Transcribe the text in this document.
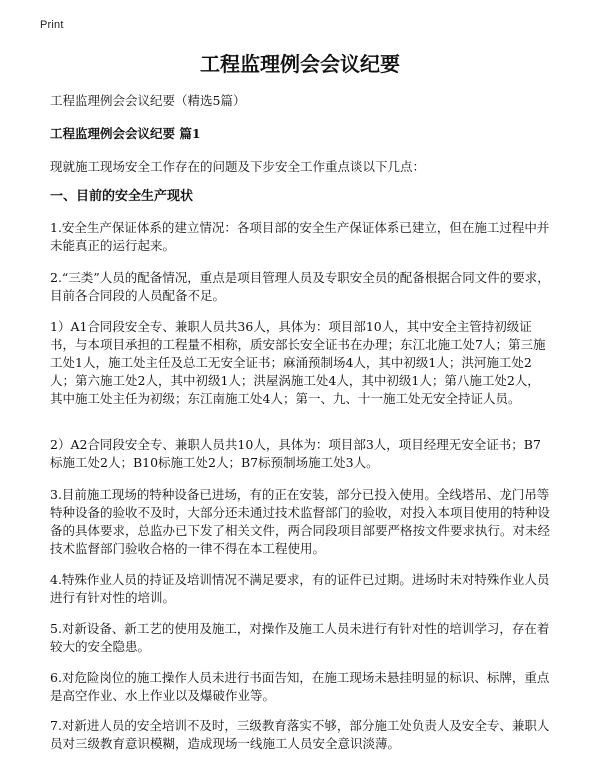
Print
工程监理例会会议纪要

工程监理例会会议纪要（精选5篇）

工程监理例会会议纪要 篇1

现就施工现场安全工作存在的问题及下步安全工作重点谈以下几点：

一、目前的安全生产现状

1.安全生产保证体系的建立情况：各项目部的安全生产保证体系已建立，但在施工过程中并未能真正的运行起来。

2.“三类”人员的配备情况，重点是项目管理人员及专职安全员的配备根据合同文件的要求，目前各合同段的人员配备不足。

1）A1合同段安全专、兼职人员共36人，具体为：项目部10人，其中安全主管持初级证书，与本项目承担的工程量不相称，质安部长安全证书在办理；东江北施工处7人；第三施工处1人，施工处主任及总工无安全证书；麻涌预制场4人，其中初级1人；洪河施工处2人；第六施工处2人，其中初级1人；洪屋涡施工处4人，其中初级1人；第八施工处2人，其中施工处主任为初级；东江南施工处4人；第一、九、十一施工处无安全持证人员。

2）A2合同段安全专、兼职人员共10人，具体为：项目部3人，项目经理无安全证书；B7标施工处2人；B10标施工处2人；B7标预制场施工处3人。

3.目前施工现场的特种设备已进场，有的正在安装，部分已投入使用。全线塔吊、龙门吊等特种设备的验收不及时，大部分还未通过技术监督部门的验收，对投入本项目使用的特种设备的具体要求，总监办已下发了相关文件，两合同段项目部要严格按文件要求执行。对未经技术监督部门验收合格的一律不得在本工程使用。

4.特殊作业人员的持证及培训情况不满足要求，有的证件已过期。进场时未对特殊作业人员进行有针对性的培训。

5.对新设备、新工艺的使用及施工，对操作及施工人员未进行有针对性的培训学习，存在着较大的安全隐患。

6.对危险岗位的施工操作人员未进行书面告知，在施工现场未悬挂明显的标识、标牌，重点是高空作业、水上作业以及爆破作业等。

7.对新进人员的安全培训不及时，三级教育落实不够，部分施工处负责人及安全专、兼职人员对三级教育意识模糊，造成现场一线施工人员安全意识淡薄。
